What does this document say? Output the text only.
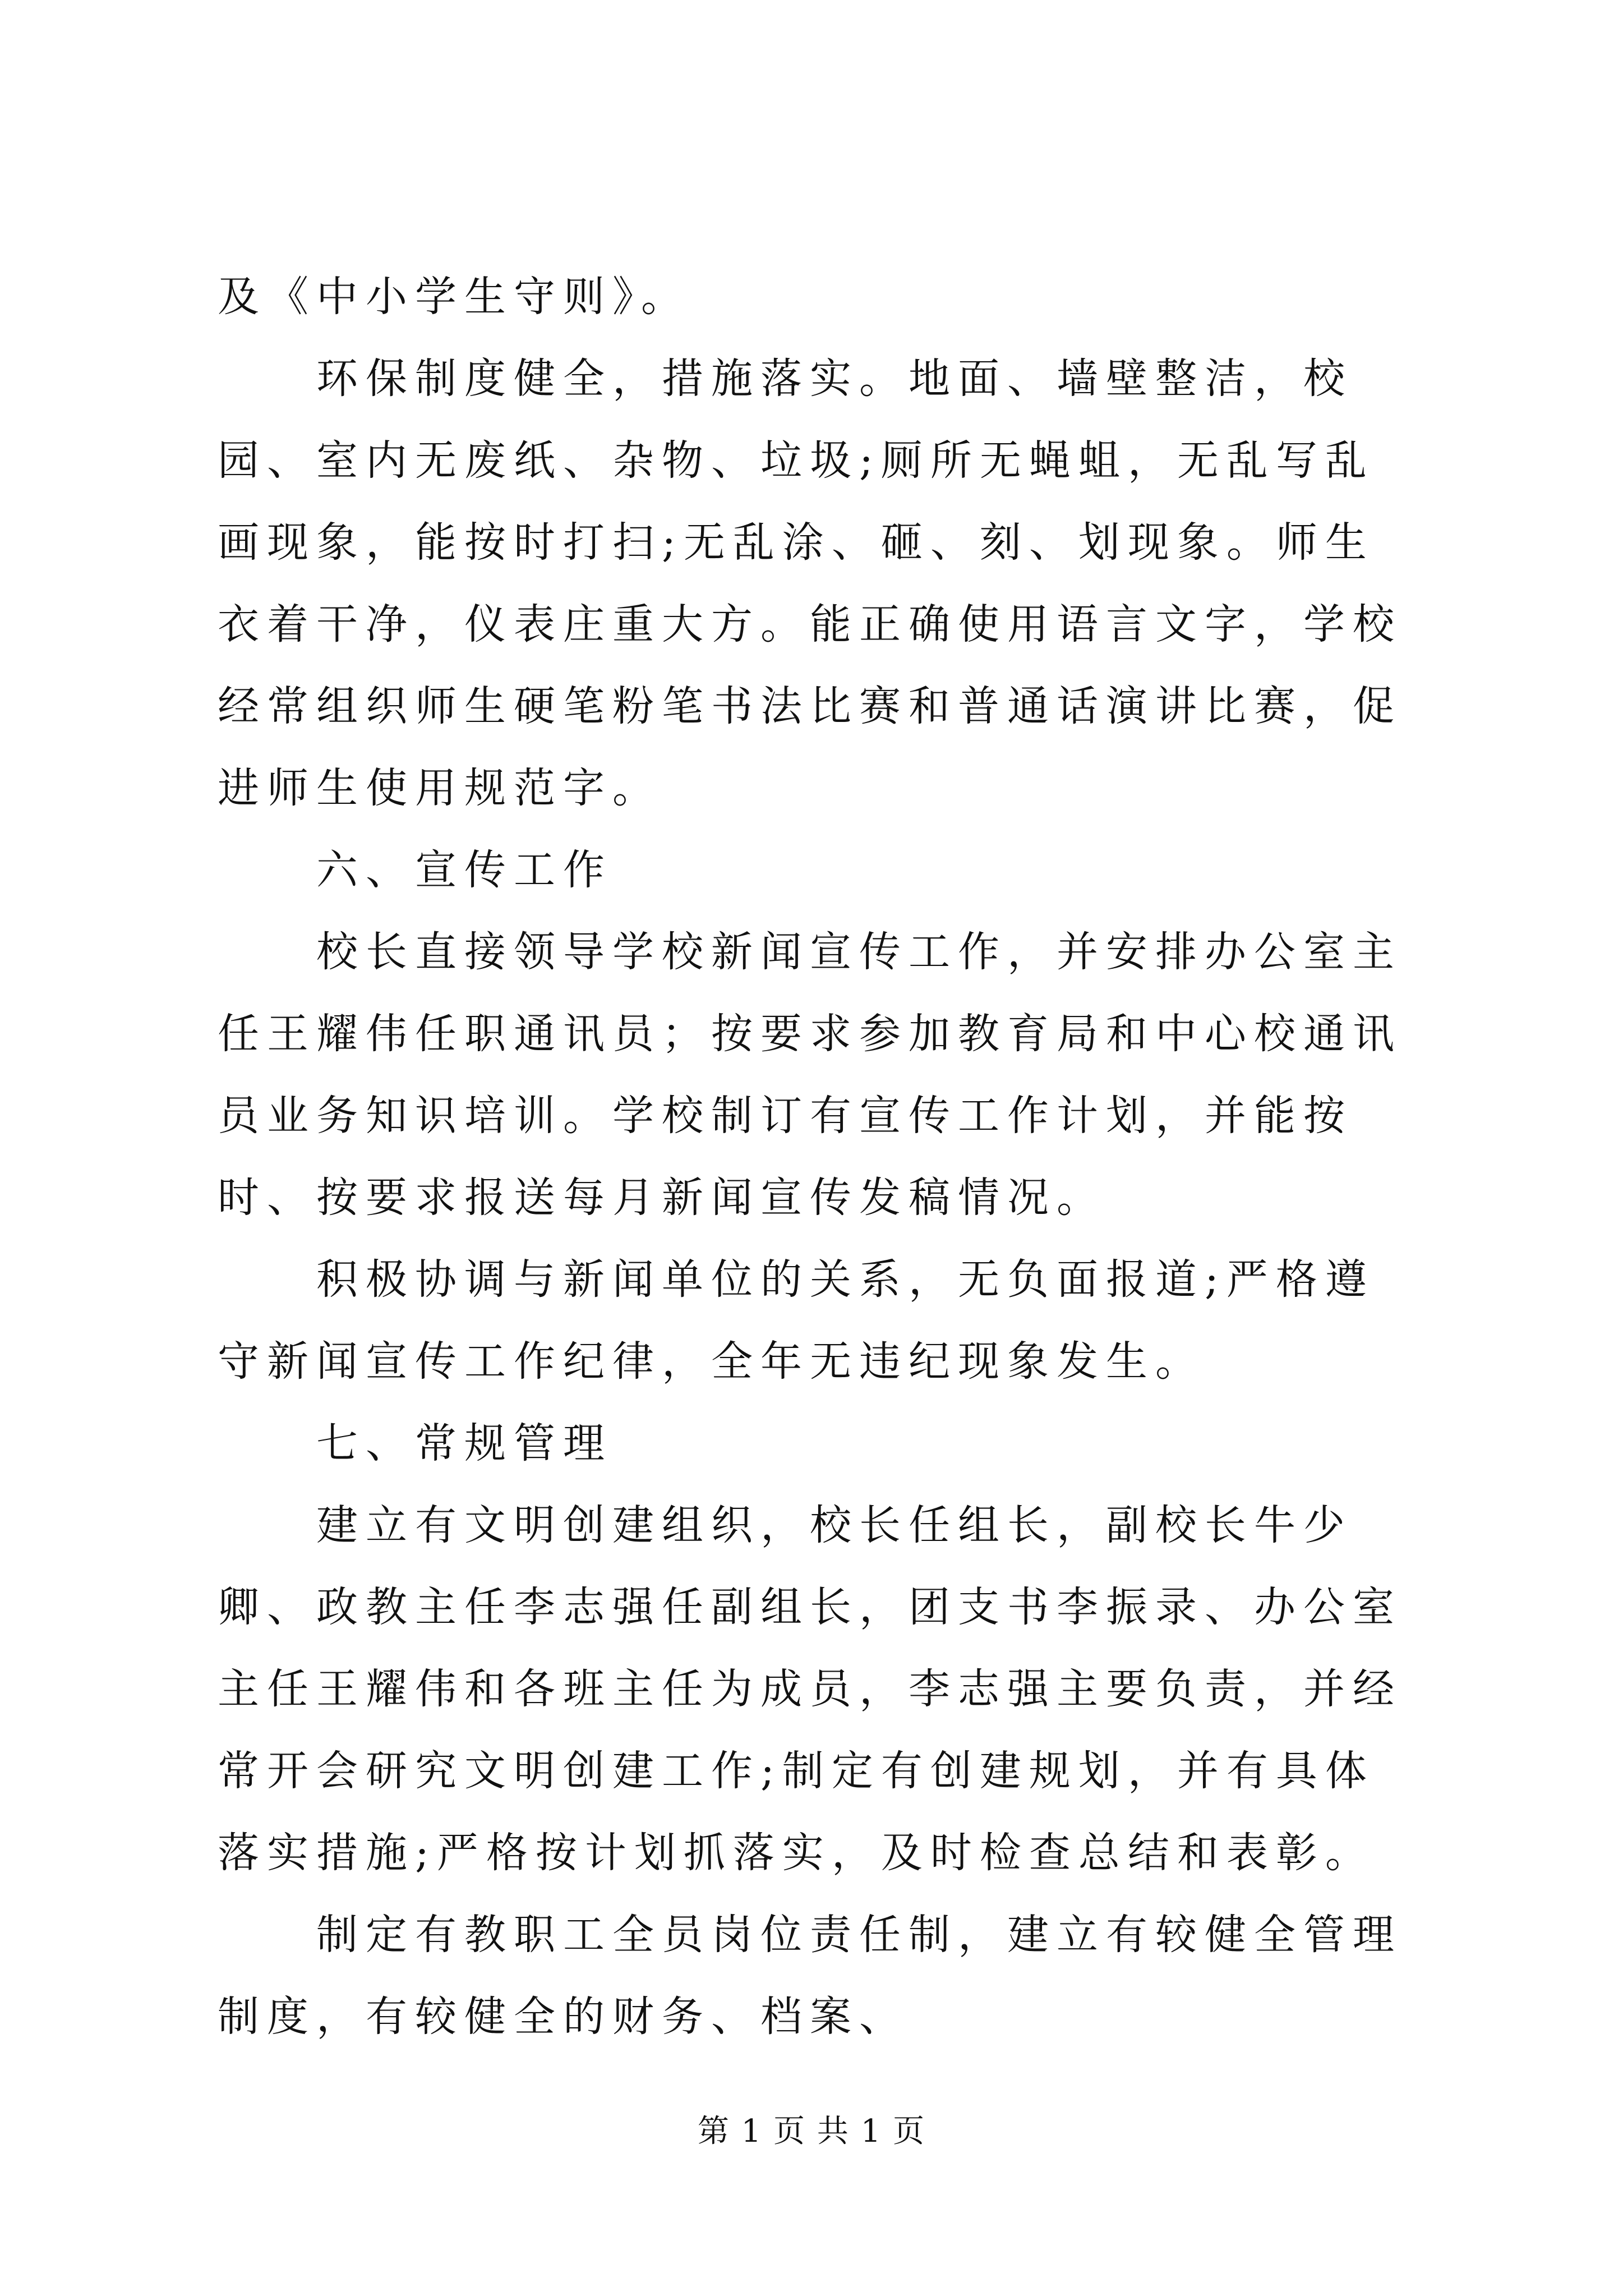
及《中小学生守则》。

　　环保制度健全，措施落实。地面、墙壁整洁，校园、室内无废纸、杂物、垃圾;厕所无蝇蛆，无乱写乱画现象，能按时打扫;无乱涂、砸、刻、划现象。师生衣着干净，仪表庄重大方。能正确使用语言文字，学校经常组织师生硬笔粉笔书法比赛和普通话演讲比赛，促进师生使用规范字。

　　六、宣传工作

　　校长直接领导学校新闻宣传工作，并安排办公室主任王耀伟任职通讯员；按要求参加教育局和中心校通讯员业务知识培训。学校制订有宣传工作计划，并能按时、按要求报送每月新闻宣传发稿情况。

　　积极协调与新闻单位的关系，无负面报道;严格遵守新闻宣传工作纪律，全年无违纪现象发生。

　　七、常规管理

　　建立有文明创建组织，校长任组长，副校长牛少卿、政教主任李志强任副组长，团支书李振录、办公室主任王耀伟和各班主任为成员，李志强主要负责，并经常开会研究文明创建工作;制定有创建规划，并有具体落实措施;严格按计划抓落实，及时检查总结和表彰。

　　制定有教职工全员岗位责任制，建立有较健全管理制度，有较健全的财务、档案、

第 1 页 共 1 页
